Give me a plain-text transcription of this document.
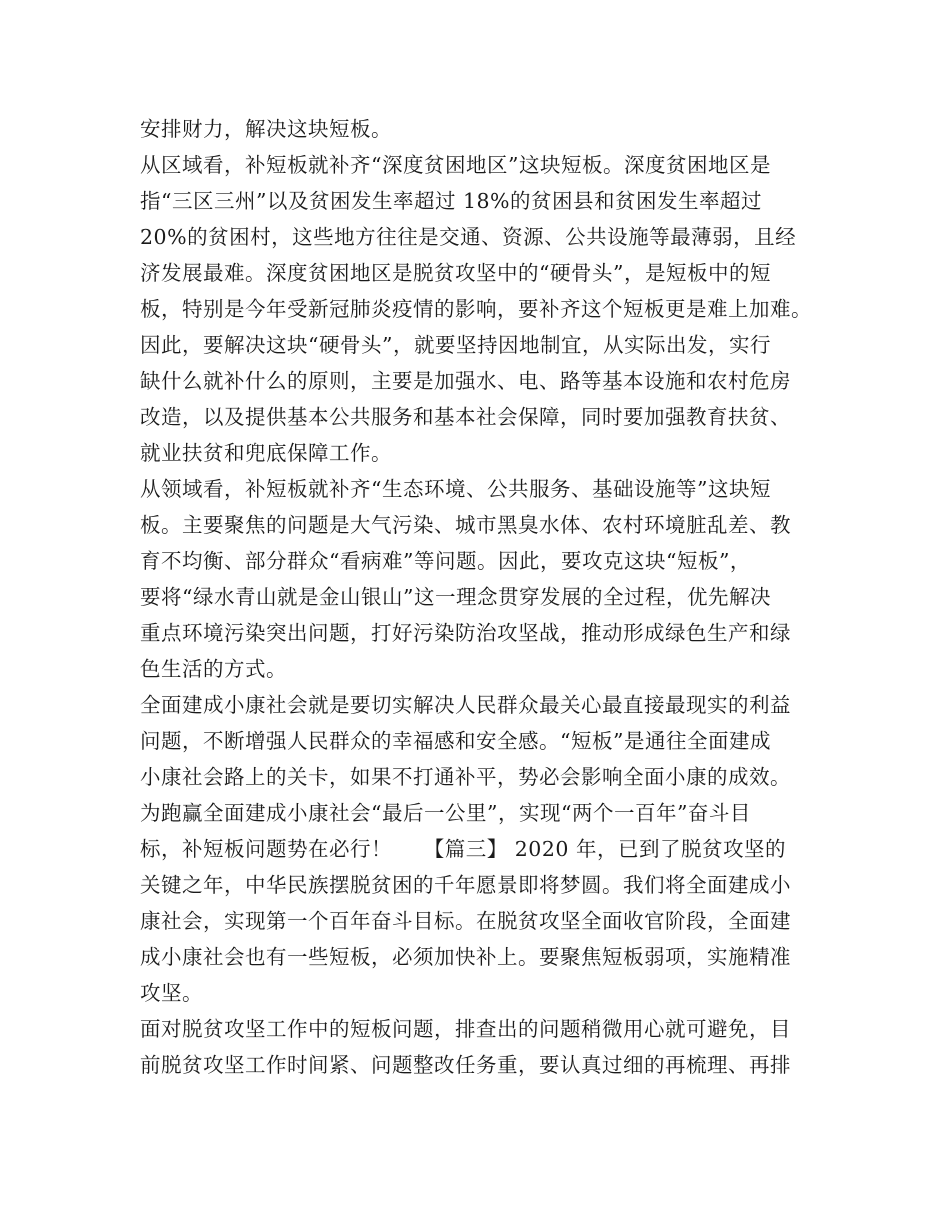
安排财力，解决这块短板。
从区域看，补短板就补齐“深度贫困地区”这块短板。深度贫困地区是
指“三区三州”以及贫困发生率超过 18%的贫困县和贫困发生率超过
20%的贫困村，这些地方往往是交通、资源、公共设施等最薄弱，且经
济发展最难。深度贫困地区是脱贫攻坚中的“硬骨头”，是短板中的短
板，特别是今年受新冠肺炎疫情的影响，要补齐这个短板更是难上加难。
因此，要解决这块“硬骨头”，就要坚持因地制宜，从实际出发，实行
缺什么就补什么的原则，主要是加强水、电、路等基本设施和农村危房
改造，以及提供基本公共服务和基本社会保障，同时要加强教育扶贫、
就业扶贫和兜底保障工作。
从领域看，补短板就补齐“生态环境、公共服务、基础设施等”这块短
板。主要聚焦的问题是大气污染、城市黑臭水体、农村环境脏乱差、教
育不均衡、部分群众“看病难”等问题。因此，要攻克这块“短板”，
要将“绿水青山就是金山银山”这一理念贯穿发展的全过程，优先解决
重点环境污染突出问题，打好污染防治攻坚战，推动形成绿色生产和绿
色生活的方式。
全面建成小康社会就是要切实解决人民群众最关心最直接最现实的利益
问题，不断增强人民群众的幸福感和安全感。“短板”是通往全面建成
小康社会路上的关卡，如果不打通补平，势必会影响全面小康的成效。
为跑赢全面建成小康社会“最后一公里”，实现“两个一百年”奋斗目
标，补短板问题势在必行！　　【篇三】 2020 年，已到了脱贫攻坚的
关键之年，中华民族摆脱贫困的千年愿景即将梦圆。我们将全面建成小
康社会，实现第一个百年奋斗目标。在脱贫攻坚全面收官阶段，全面建
成小康社会也有一些短板，必须加快补上。要聚焦短板弱项，实施精准
攻坚。
面对脱贫攻坚工作中的短板问题，排查出的问题稍微用心就可避免，目
前脱贫攻坚工作时间紧、问题整改任务重，要认真过细的再梳理、再排
